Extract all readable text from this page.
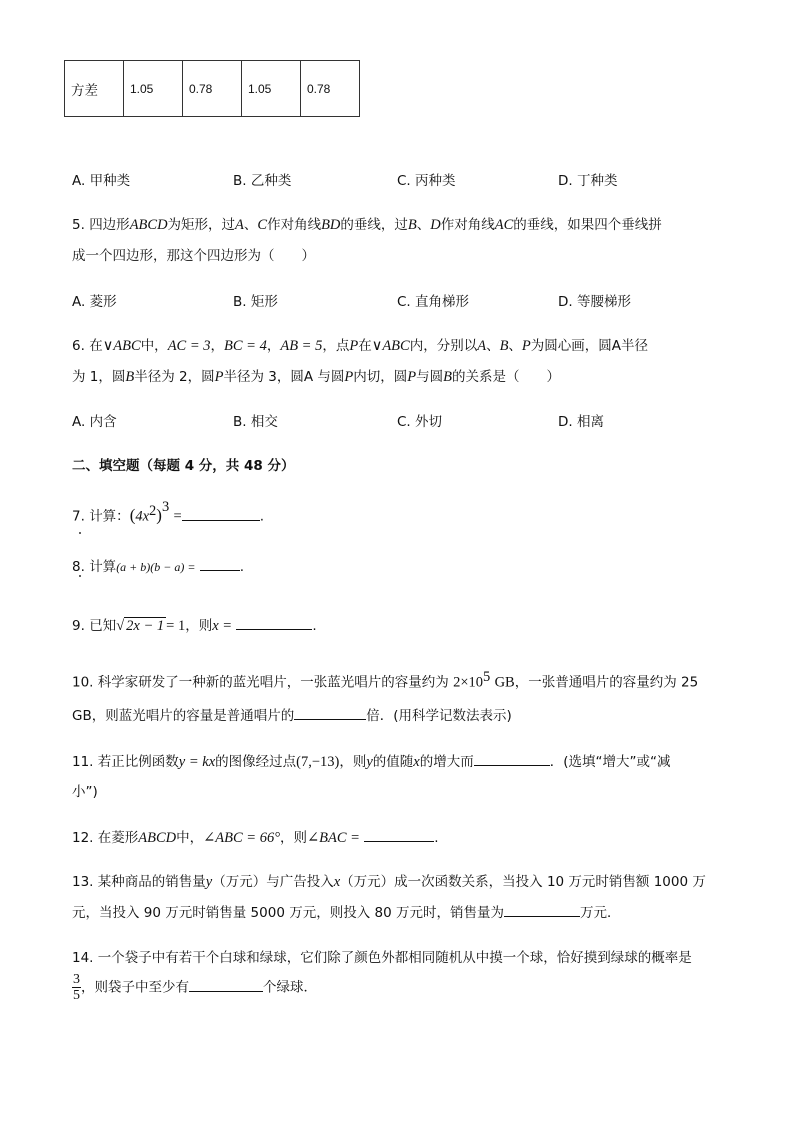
方差	1.05	0.78	1.05	0.78
A. 甲种类	B. 乙种类	C. 丙种类	D. 丁种类
5. 四边形ABCD为矩形，过A、C作对角线BD的垂线，过B、D作对角线AC的垂线，如果四个垂线拼
成一个四边形，那这个四边形为（　　）
A. 菱形	B. 矩形	C. 直角梯形	D. 等腰梯形
6. 在∨ABC中，AC = 3，BC = 4，AB = 5，点P在∨ABC内，分别以A、B、P为圆心画，圆A半径
为 1，圆B半径为 2，圆P半径为 3，圆A 与圆P内切，圆P与圆B的关系是（　　）
A. 内含	B. 相交	C. 外切	D. 相离
二、填空题（每题 4 分，共 48 分）
7. 计算：$(4x^2)^3$ =	.
8. 计算(a + b)(b − a) =	.
9. 已知√ 2x − 1 = 1，则x =	.
10. 科学家研发了一种新的蓝光唱片，一张蓝光唱片的容量约为 $2\times 10^5$ GB，一张普通唱片的容量约为 25
GB，则蓝光唱片的容量是普通唱片的	倍．(用科学记数法表示)
11. 若正比例函数y = kx的图像经过点(7,−13)，则y的值随x的增大而	．(选填“增大”或“减
小”)
12. 在菱形ABCD中，∠ABC = 66°，则∠BAC =	.
13. 某种商品的销售量y（万元）与广告投入x（万元）成一次函数关系，当投入 10 万元时销售额 1000 万
元，当投入 90 万元时销售量 5000 万元，则投入 80 万元时，销售量为	万元．
14. 一个袋子中有若干个白球和绿球，它们除了颜色外都相同随机从中摸一个球，恰好摸到绿球的概率是
$\frac{3}{5}$ ，则袋子中至少有	个绿球．
